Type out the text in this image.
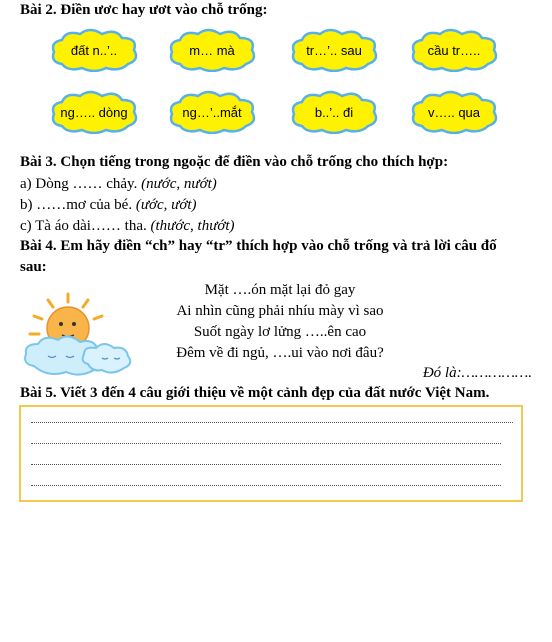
Bài 2. Điền ươc hay ươt vào chỗ trống:
đất n..’..	m… mà	tr…’.. sau	cầu tr…..
ng….. dòng	ng…’..mắt	b..’.. đi	v….. qua
Bài 3. Chọn tiếng trong ngoặc để điền vào chỗ trống cho thích hợp:
a) Dòng …… chảy. (nước, nướt)
b) ……mơ của bé. (ước, ướt)
c) Tà áo dài…… tha. (thước, thướt)
Bài 4. Em hãy điền “ch” hay “tr” thích hợp vào chỗ trống và trả lời câu đố
sau:
Mặt ….ón mặt lại đỏ gay
Ai nhìn cũng phải nhíu mày vì sao
Suốt ngày lơ lửng …..ên cao
Đêm về đi ngủ, ….ui vào nơi đâu?
Đó là:…………….
Bài 5. Viết 3 đến 4 câu giới thiệu về một cảnh đẹp của đất nước Việt Nam.
